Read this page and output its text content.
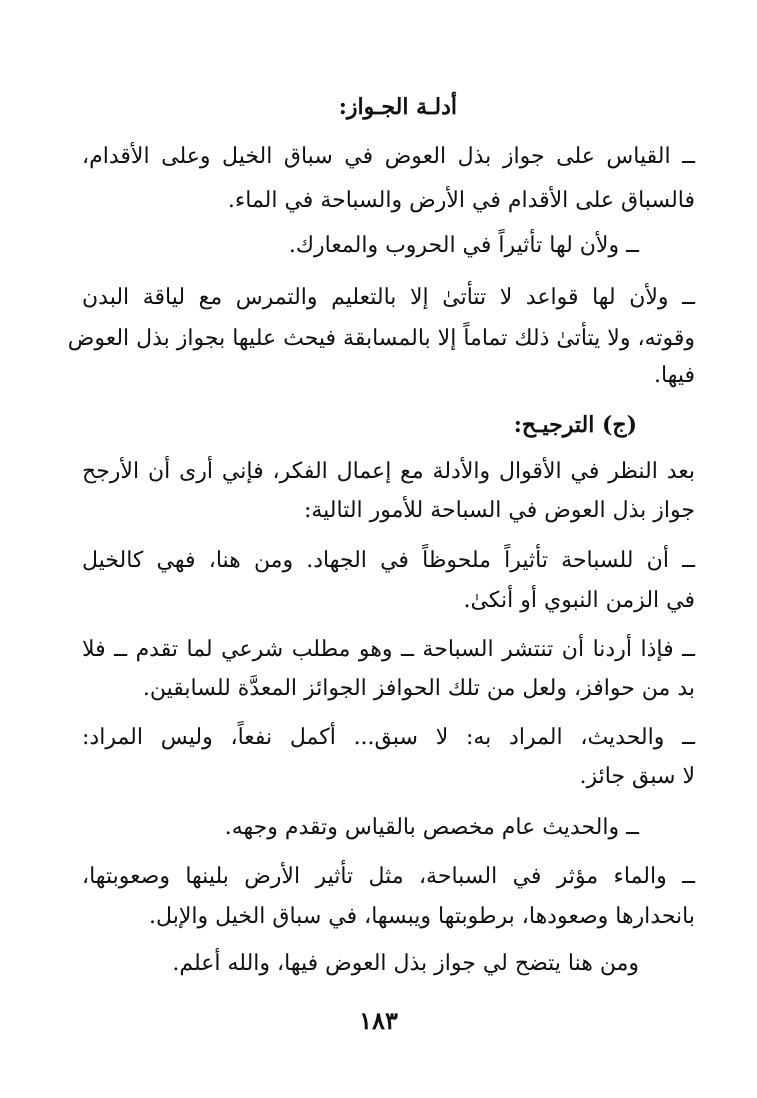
أدلـة الجـواز:
ــ القياس على جواز بذل العوض في سباق الخيل وعلى الأقدام،
فالسباق على الأقدام في الأرض والسباحة في الماء.
ــ ولأن لها تأثيراً في الحروب والمعارك.
ــ ولأن لها قواعد لا تتأتىٰ إلا بالتعليم والتمرس مع لياقة البدن
وقوته، ولا يتأتىٰ ذلك تماماً إلا بالمسابقة فيحث عليها بجواز بذل العوض
فيها.
(ج) الترجيـح:
بعد النظر في الأقوال والأدلة مع إعمال الفكر، فإني أرى أن الأرجح
جواز بذل العوض في السباحة للأمور التالية:
ــ أن للسباحة تأثيراً ملحوظاً في الجهاد. ومن هنا، فهي كالخيل
في الزمن النبوي أو أنكىٰ.
ــ فإذا أردنا أن تنتشر السباحة ــ وهو مطلب شرعي لما تقدم ــ فلا
بد من حوافز، ولعل من تلك الحوافز الجوائز المعدَّة للسابقين.
ــ والحديث، المراد به: لا سبق... أكمل نفعاً، وليس المراد:
لا سبق جائز.
ــ والحديث عام مخصص بالقياس وتقدم وجهه.
ــ والماء مؤثر في السباحة، مثل تأثير الأرض بلينها وصعوبتها،
بانحدارها وصعودها، برطوبتها ويبسها، في سباق الخيل والإبل.
ومن هنا يتضح لي جواز بذل العوض فيها، والله أعلم.
١٨٣
